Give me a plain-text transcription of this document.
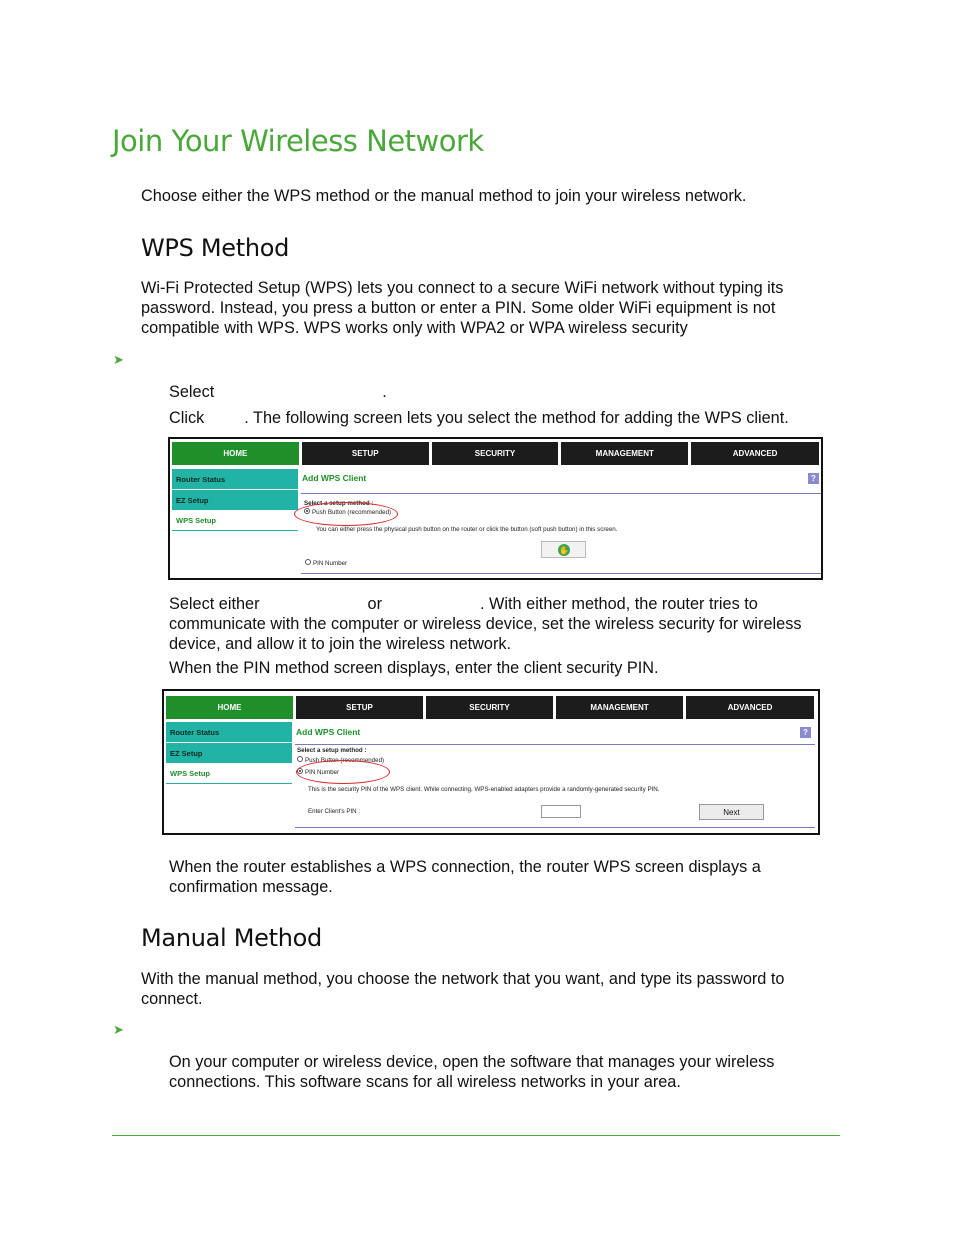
Join Your Wireless Network

Choose either the WPS method or the manual method to join your wireless network.

WPS Method

Wi-Fi Protected Setup (WPS) lets you connect to a secure WiFi network without typing its password. Instead, you press a button or enter a PIN. Some older WiFi equipment is not compatible with WPS. WPS works only with WPA2 or WPA wireless security

➤

Select	.

Click . The following screen lets you select the method for adding the WPS client.

HOME	SETUP	SECURITY	MANAGEMENT	ADVANCED
Router Status
EZ Setup
WPS Setup
Add WPS Client	?
Select a setup method :
Push Button (recommended)
You can either press the physical push button on the router or click the button (soft push button) in this screen.
✋
PIN Number

Select either	or	. With either method, the router tries to communicate with the computer or wireless device, set the wireless security for wireless device, and allow it to join the wireless network.

When the PIN method screen displays, enter the client security PIN.

HOME	SETUP	SECURITY	MANAGEMENT	ADVANCED
Router Status
EZ Setup
WPS Setup
Add WPS Client	?
Select a setup method :
Push Button (recommended)
PIN Number
This is the security PIN of the WPS client. While connecting, WPS-enabled adapters provide a randomly-generated security PIN.
Enter Client's PIN :	Next

When the router establishes a WPS connection, the router WPS screen displays a confirmation message.

Manual Method

With the manual method, you choose the network that you want, and type its password to connect.

➤

On your computer or wireless device, open the software that manages your wireless connections. This software scans for all wireless networks in your area.
